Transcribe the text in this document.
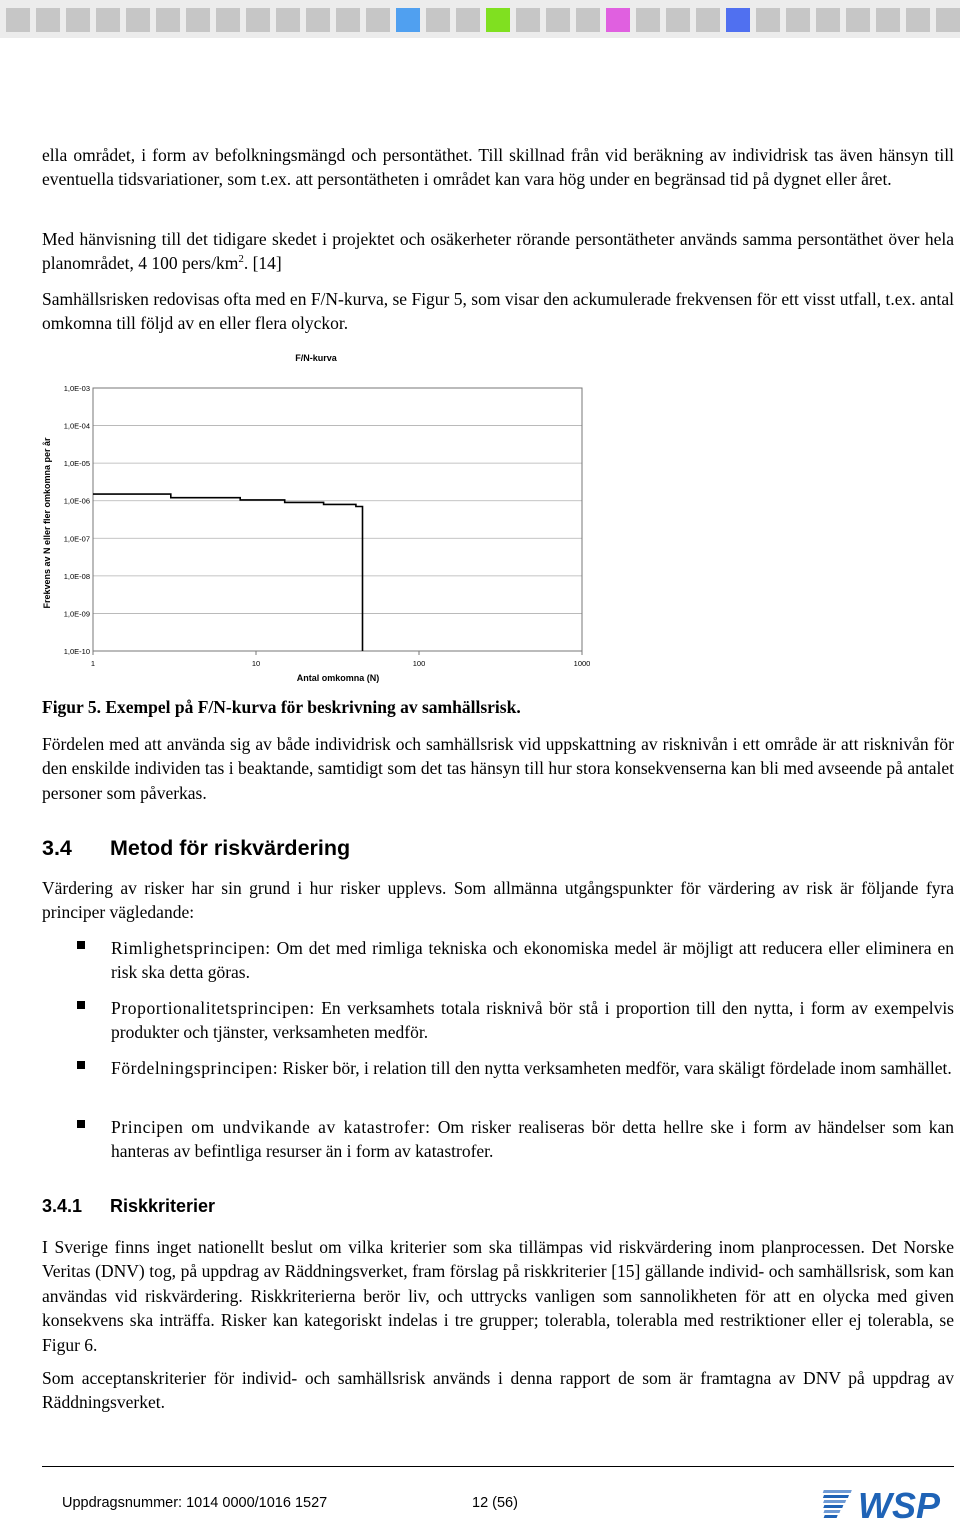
ella området, i form av befolkningsmängd och persontäthet. Till skillnad från vid beräkning av individrisk tas även hänsyn till eventuella tidsvariationer, som t.ex. att persontätheten i området kan vara hög under en begränsad tid på dygnet eller året.

Med hänvisning till det tidigare skedet i projektet och osäkerheter rörande persontätheter används samma persontäthet över hela planområdet, 4 100 pers/$km^2$. [14]

Samhällsrisken redovisas ofta med en F/N-kurva, se Figur 5, som visar den ackumulerade frekvensen för ett visst utfall, t.ex. antal omkomna till följd av en eller flera olyckor.

F/N-kurva
1,0E-03
1,0E-04
1,0E-05
1,0E-06
1,0E-07
1,0E-08
1,0E-09
1,0E-10
1	10	100	1000
Antal omkomna (N)
Frekvens av N eller fler omkomna per år

Figur 5. Exempel på F/N-kurva för beskrivning av samhällsrisk.

Fördelen med att använda sig av både individrisk och samhällsrisk vid uppskattning av risknivån i ett område är att risknivån för den enskilde individen tas i beaktande, samtidigt som det tas hänsyn till hur stora konsekvenserna kan bli med avseende på antalet personer som påverkas.

3.4 Metod för riskvärdering

Värdering av risker har sin grund i hur risker upplevs. Som allmänna utgångspunkter för värdering av risk är följande fyra principer vägledande:

Rimlighetsprincipen: Om det med rimliga tekniska och ekonomiska medel är möjligt att reducera eller eliminera en risk ska detta göras.

Proportionalitetsprincipen: En verksamhets totala risknivå bör stå i proportion till den nytta, i form av exempelvis produkter och tjänster, verksamheten medför.

Fördelningsprincipen: Risker bör, i relation till den nytta verksamheten medför, vara skäligt fördelade inom samhället.

Principen om undvikande av katastrofer: Om risker realiseras bör detta hellre ske i form av händelser som kan hanteras av befintliga resurser än i form av katastrofer.

3.4.1 Riskkriterier

I Sverige finns inget nationellt beslut om vilka kriterier som ska tillämpas vid riskvärdering inom planprocessen. Det Norske Veritas (DNV) tog, på uppdrag av Räddningsverket, fram förslag på riskkriterier [15] gällande individ- och samhällsrisk, som kan användas vid riskvärdering. Riskkriterierna berör liv, och uttrycks vanligen som sannolikheten för att en olycka med given konsekvens ska inträffa. Risker kan kategoriskt indelas i tre grupper; tolerabla, tolerabla med restriktioner eller ej tolerabla, se Figur 6.

Som acceptanskriterier för individ- och samhällsrisk används i denna rapport de som är framtagna av DNV på uppdrag av Räddningsverket.

Uppdragsnummer: 1014 0000/1016 1527	12 (56)	WSP
